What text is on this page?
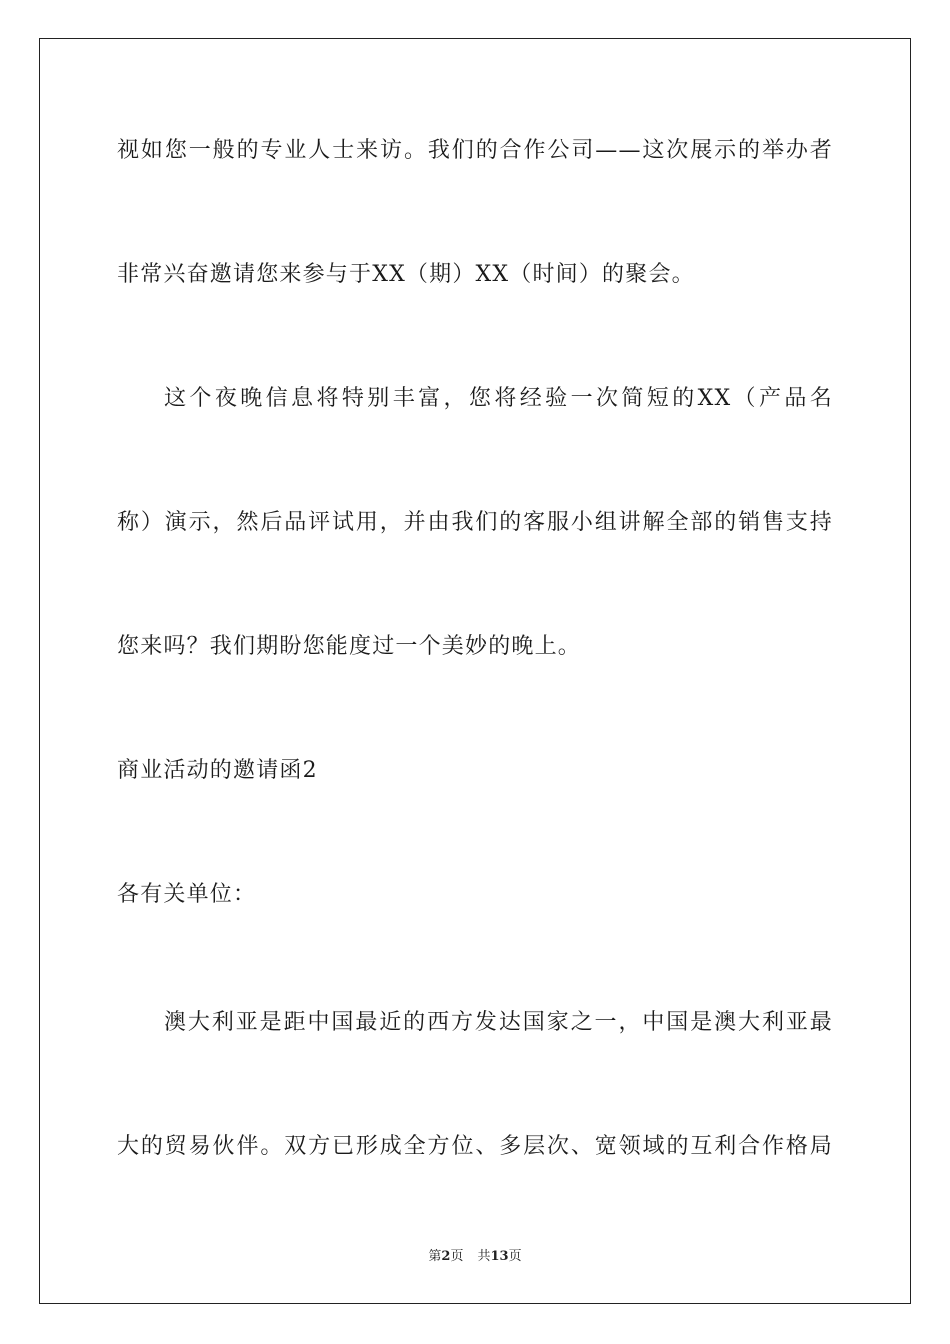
视如您一般的专业人士来访。我们的合作公司——这次展示的举办者
非常兴奋邀请您来参与于XX（期）XX（时间）的聚会。
这个夜晚信息将特别丰富，您将经验一次简短的XX（产品名
称）演示，然后品评试用，并由我们的客服小组讲解全部的销售支持
您来吗？我们期盼您能度过一个美妙的晚上。
商业活动的邀请函2
各有关单位：
澳大利亚是距中国最近的西方发达国家之一，中国是澳大利亚最
大的贸易伙伴。双方已形成全方位、多层次、宽领域的互利合作格局
第2页 共13页
